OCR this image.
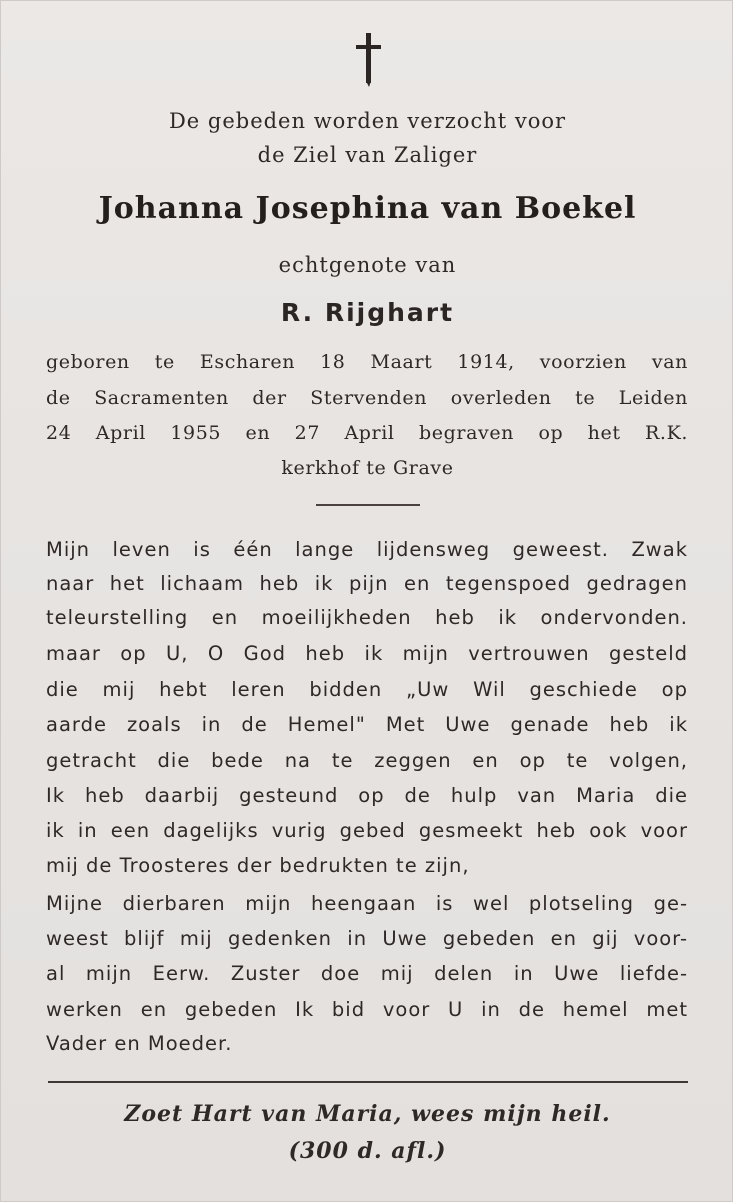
De gebeden worden verzocht voor
de Ziel van Zaliger
Johanna Josephina van Boekel
echtgenote van
R. Rijghart
geboren te Escharen 18 Maart 1914, voorzien van
de Sacramenten der Stervenden overleden te Leiden
24 April 1955 en 27 April begraven op het R.K.
kerkhof te Grave
Mijn leven is één lange lijdensweg geweest. Zwak
naar het lichaam heb ik pijn en tegenspoed gedragen
teleurstelling en moeilijkheden heb ik ondervonden.
maar op U, O God heb ik mijn vertrouwen gesteld
die mij hebt leren bidden „Uw Wil geschiede op
aarde zoals in de Hemel" Met Uwe genade heb ik
getracht die bede na te zeggen en op te volgen,
Ik heb daarbij gesteund op de hulp van Maria die
ik in een dagelijks vurig gebed gesmeekt heb ook voor
mij de Troosteres der bedrukten te zijn,
Mijne dierbaren mijn heengaan is wel plotseling ge-
weest blijf mij gedenken in Uwe gebeden en gij voor-
al mijn Eerw. Zuster doe mij delen in Uwe liefde-
werken en gebeden Ik bid voor U in de hemel met
Vader en Moeder.
Zoet Hart van Maria, wees mijn heil.
(300 d. afl.)
